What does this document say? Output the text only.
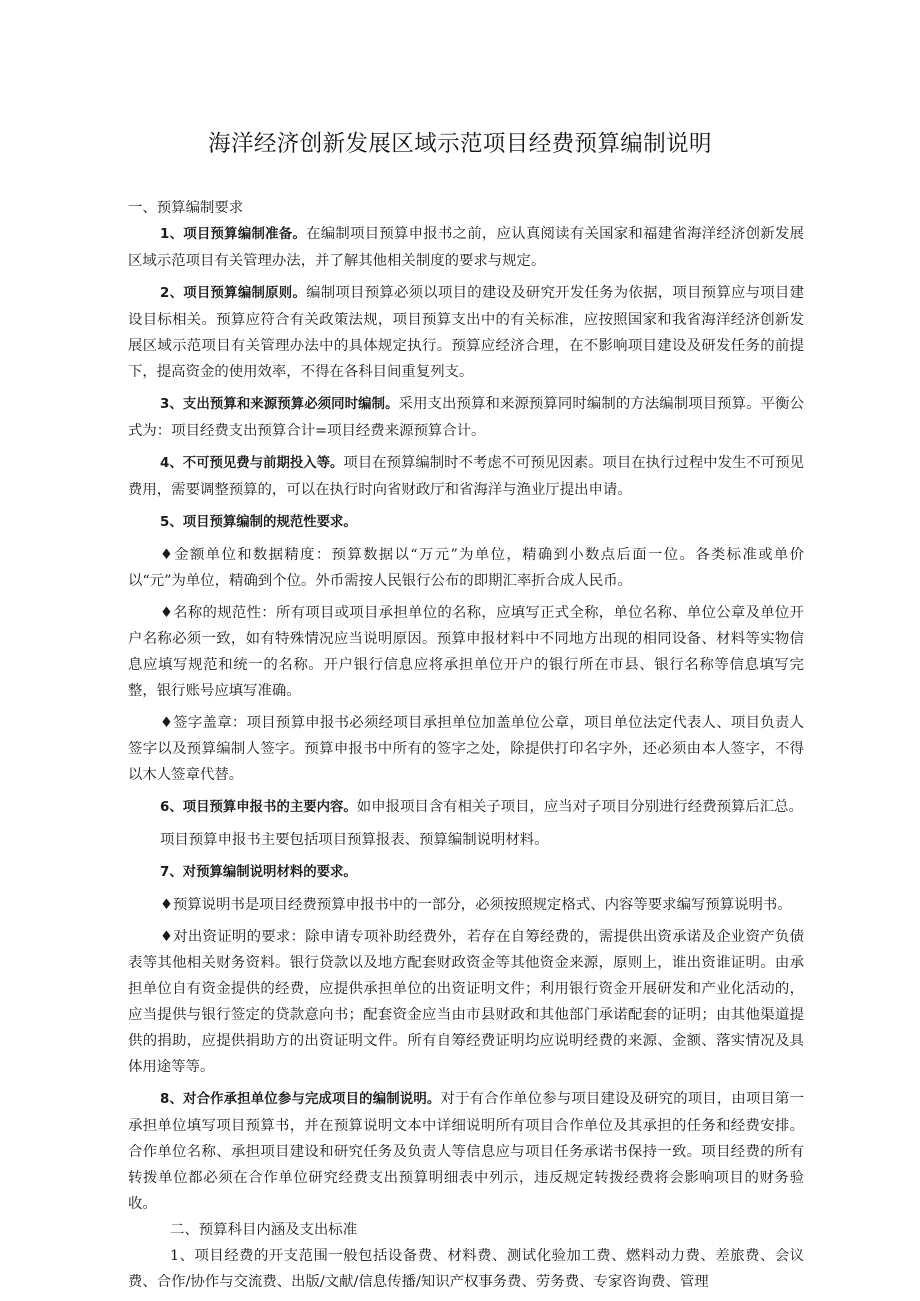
海洋经济创新发展区域示范项目经费预算编制说明

一、预算编制要求

1、项目预算编制准备。在编制项目预算申报书之前，应认真阅读有关国家和福建省海洋经济创新发展区域示范项目有关管理办法，并了解其他相关制度的要求与规定。

2、项目预算编制原则。编制项目预算必须以项目的建设及研究开发任务为依据，项目预算应与项目建设目标相关。预算应符合有关政策法规，项目预算支出中的有关标准，应按照国家和我省海洋经济创新发展区域示范项目有关管理办法中的具体规定执行。预算应经济合理，在不影响项目建设及研发任务的前提下，提高资金的使用效率，不得在各科目间重复列支。

3、支出预算和来源预算必须同时编制。采用支出预算和来源预算同时编制的方法编制项目预算。平衡公式为：项目经费支出预算合计=项目经费来源预算合计。

4、不可预见费与前期投入等。项目在预算编制时不考虑不可预见因素。项目在执行过程中发生不可预见费用，需要调整预算的，可以在执行时向省财政厅和省海洋与渔业厅提出申请。

5、项目预算编制的规范性要求。

♦金额单位和数据精度：预算数据以“万元”为单位，精确到小数点后面一位。各类标准或单价以“元”为单位，精确到个位。外币需按人民银行公布的即期汇率折合成人民币。

♦名称的规范性：所有项目或项目承担单位的名称，应填写正式全称，单位名称、单位公章及单位开户名称必须一致，如有特殊情况应当说明原因。预算申报材料中不同地方出现的相同设备、材料等实物信息应填写规范和统一的名称。开户银行信息应将承担单位开户的银行所在市县、银行名称等信息填写完整，银行账号应填写准确。

♦签字盖章：项目预算申报书必须经项目承担单位加盖单位公章，项目单位法定代表人、项目负责人签字以及预算编制人签字。预算申报书中所有的签字之处，除提供打印名字外，还必须由本人签字，不得以木人签章代替。

6、项目预算申报书的主要内容。如申报项目含有相关子项目，应当对子项目分别进行经费预算后汇总。

项目预算申报书主要包括项目预算报表、预算编制说明材料。

7、对预算编制说明材料的要求。

♦预算说明书是项目经费预算申报书中的一部分，必须按照规定格式、内容等要求编写预算说明书。

♦对出资证明的要求：除申请专项补助经费外，若存在自筹经费的，需提供出资承诺及企业资产负债表等其他相关财务资料。银行贷款以及地方配套财政资金等其他资金来源，原则上，谁出资谁证明。由承担单位自有资金提供的经费，应提供承担单位的出资证明文件；利用银行资金开展研发和产业化活动的，应当提供与银行签定的贷款意向书；配套资金应当由市县财政和其他部门承诺配套的证明；由其他渠道提供的捐助，应提供捐助方的出资证明文件。所有自筹经费证明均应说明经费的来源、金额、落实情况及具体用途等等。

8、对合作承担单位参与完成项目的编制说明。对于有合作单位参与项目建设及研究的项目，由项目第一承担单位填写项目预算书，并在预算说明文本中详细说明所有项目合作单位及其承担的任务和经费安排。合作单位名称、承担项目建设和研究任务及负责人等信息应与项目任务承诺书保持一致。项目经费的所有转拨单位都必须在合作单位研究经费支出预算明细表中列示，违反规定转拨经费将会影响项目的财务验收。

二、预算科目内涵及支出标准

1、项目经费的开支范围一般包括设备费、材料费、测试化验加工费、燃料动力费、差旅费、会议费、合作/协作与交流费、出版/文献/信息传播/知识产权事务费、劳务费、专家咨询费、管理
